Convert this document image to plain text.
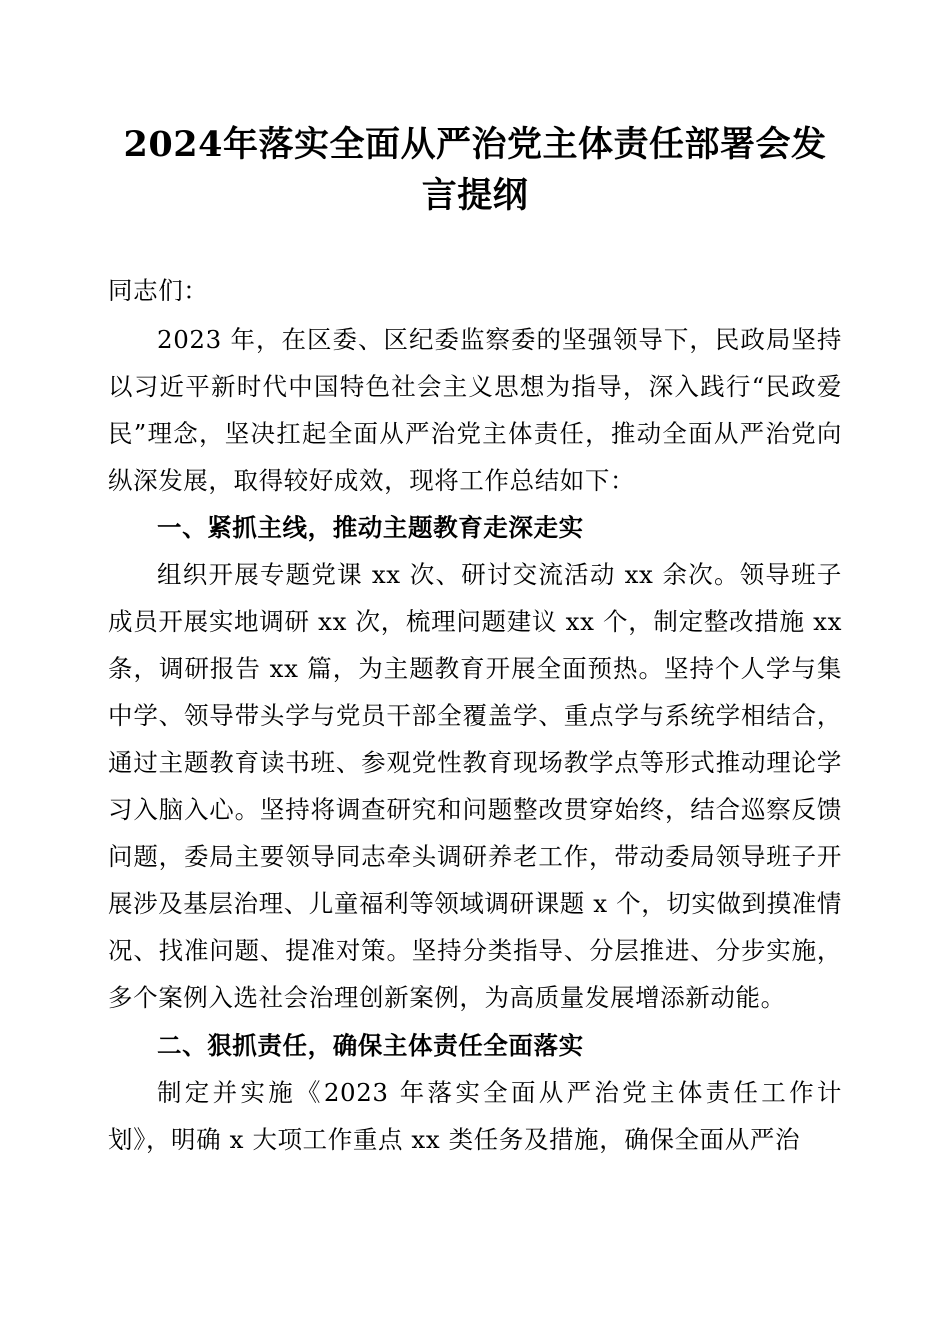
2024年落实全面从严治党主体责任部署会发言提纲

同志们：

2023 年，在区委、区纪委监察委的坚强领导下，民政局坚持以习近平新时代中国特色社会主义思想为指导，深入践行“民政爱民”理念，坚决扛起全面从严治党主体责任，推动全面从严治党向纵深发展，取得较好成效，现将工作总结如下：

一、紧抓主线，推动主题教育走深走实

组织开展专题党课 xx 次、研讨交流活动 xx 余次。领导班子成员开展实地调研 xx 次，梳理问题建议 xx 个，制定整改措施 xx 条，调研报告 xx 篇，为主题教育开展全面预热。坚持个人学与集中学、领导带头学与党员干部全覆盖学、重点学与系统学相结合，通过主题教育读书班、参观党性教育现场教学点等形式推动理论学习入脑入心。坚持将调查研究和问题整改贯穿始终，结合巡察反馈问题，委局主要领导同志牵头调研养老工作，带动委局领导班子开展涉及基层治理、儿童福利等领域调研课题 x 个，切实做到摸准情况、找准问题、提准对策。坚持分类指导、分层推进、分步实施，多个案例入选社会治理创新案例，为高质量发展增添新动能。

二、狠抓责任，确保主体责任全面落实

制定并实施《2023 年落实全面从严治党主体责任工作计划》，明确 x 大项工作重点 xx 类任务及措施，确保全面从严治
